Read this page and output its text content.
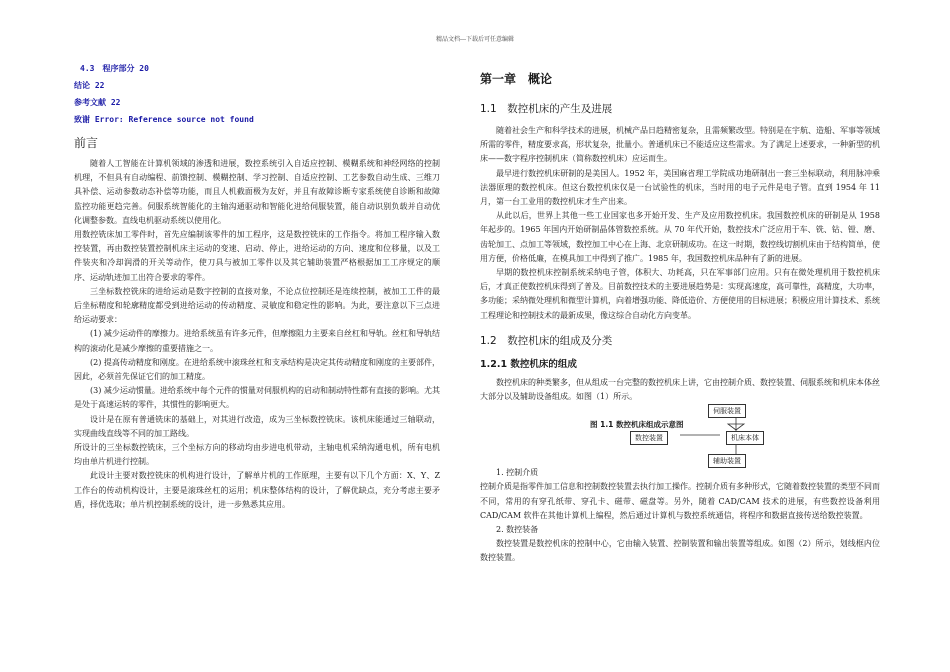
精品文档---下载后可任意编辑
4.3　程序部分 20
结论 22
参考文献 22
致谢 Error: Reference source not found
前言

随着人工智能在计算机领域的渗透和进展，数控系统引入自适应控制、模糊系统和神经网络的控制机理，不但具有自动编程、前馈控制、模糊控制、学习控制、自适应控制、工艺参数自动生成、三维刀具补偿、运动参数动态补偿等功能，而且人机截面极为友好，并且有故障诊断专家系统使自诊断和故障监控功能更趋完善。伺服系统智能化的主轴沟通驱动和智能化进给伺服装置，能自动识别负载并自动优化调整参数。直线电机驱动系统以使用化。

用数控铣床加工零件时，首先应编制该零件的加工程序，这是数控铣床的工作指令。将加工程序输入数控装置，再由数控装置控制机床主运动的变速、启动、停止，进给运动的方向、速度和位移量，以及工件装夹和冷却润滑的开关等动作，使刀具与被加工零件以及其它辅助装置严格根据加工工序规定的顺序、运动轨迹加工出符合要求的零件。

三坐标数控铣床的进给运动是数字控制的直接对象，不论点位控制还是连续控制，被加工工件的最后坐标精度和轮廓精度都受到进给运动的传动精度、灵敏度和稳定性的影响。为此，要注意以下三点进给运动要求：

(1) 减少运动件的摩擦力。进给系统虽有许多元件，但摩擦阻力主要来自丝杠和导轨。丝杠和导轨结构的滚动化是减少摩擦的重要措施之一。

(2) 提高传动精度和刚度。在进给系统中滚珠丝杠和支承结构是决定其传动精度和刚度的主要部件，因此，必须首先保证它们的加工精度。

(3) 减少运动惯量。进给系统中每个元件的惯量对伺服机构的启动和制动特性都有直接的影响。尤其是处于高速运转的零件，其惯性的影响更大。

设计是在原有普通铣床的基础上，对其进行改造，成为三坐标数控铣床。该机床能通过三轴联动，实现曲线直线等不同的加工路线。

所设计的三坐标数控铣床，三个坐标方向的移动均由步进电机带动，主轴电机采纳沟通电机，所有电机均由单片机进行控制。

此设计主要对数控铣床的机构进行设计，了解单片机的工作原理，主要有以下几个方面：X、Y、Z 工作台的传动机构设计，主要是滚珠丝杠的运用；机床整体结构的设计，了解优缺点，充分考虑主要矛盾，择优选取；单片机控制系统的设计，进一步熟悉其应用。

第一章　概论
1.1　数控机床的产生及进展

随着社会生产和科学技术的进展，机械产品日趋精密复杂，且需频繁改型。特别是在宇航、造船、军事等领域所需的零件，精度要求高，形状复杂，批量小。普通机床已不能适应这些需求。为了满足上述要求，一种新型的机床——数字程序控制机床（简称数控机床）应运而生。

最早进行数控机床研制的是美国人。1952 年，美国麻省理工学院成功地研制出一套三坐标联动，利用脉冲乘法器原理的数控机床。但这台数控机床仅是一台试验性的机床，当时用的电子元件是电子管。直到 1954 年 11 月，第一台工业用的数控机床才生产出来。

从此以后，世界上其他一些工业国家也多开始开发、生产及应用数控机床。我国数控机床的研制是从 1958 年起步的。1965 年国内开始研制晶体管数控系统。从 70 年代开始，数控技术广泛应用于车、铣、钻、镗、磨、齿轮加工、点加工等领域，数控加工中心在上海、北京研制成功。在这一时期，数控线切割机床由于结构简单，使用方便，价格低廉，在模具加工中得到了推广。1985 年，我国数控机床品种有了新的进展。

早期的数控机床控制系统采纳电子管，体积大、功耗高，只在军事部门应用。只有在微处理机用于数控机床后，才真正使数控机床得到了普及。目前数控技术的主要进展趋势是：实现高速度，高可靠性，高精度，大功率，多功能；采纳微处理机和微型计算机，向着增强功能、降低造价、方便使用的目标进展；积极应用计算技术、系统工程理论和控制技术的最新成果，像这综合自动化方向变革。

1.2　数控机床的组成及分类
1.2.1 数控机床的组成

数控机床的种类繁多，但从组成一台完整的数控机床上讲，它由控制介质、数控装置、伺服系统和机床本体丝大部分以及辅助设备组成。如图（1）所示。

伺服装置
图 1.1 数控机床组成示意图
数控装置	机床本体
辅助装置

1. 控制介质

控制介质是指零件加工信息和控制数控装置去执行加工操作。控制介质有多种形式，它随着数控装置的类型不同而不同，常用的有穿孔纸带、穿孔卡、磁带、磁盘等。另外，随着 CAD/CAM 技术的进展，有些数控设备利用 CAD/CAM 软件在其他计算机上编程，然后通过计算机与数控系统通信，将程序和数据直接传送给数控装置。

2. 数控装备

数控装置是数控机床的控制中心，它由输入装置、控制装置和输出装置等组成。如图（2）所示，划线框内位数控装置。
